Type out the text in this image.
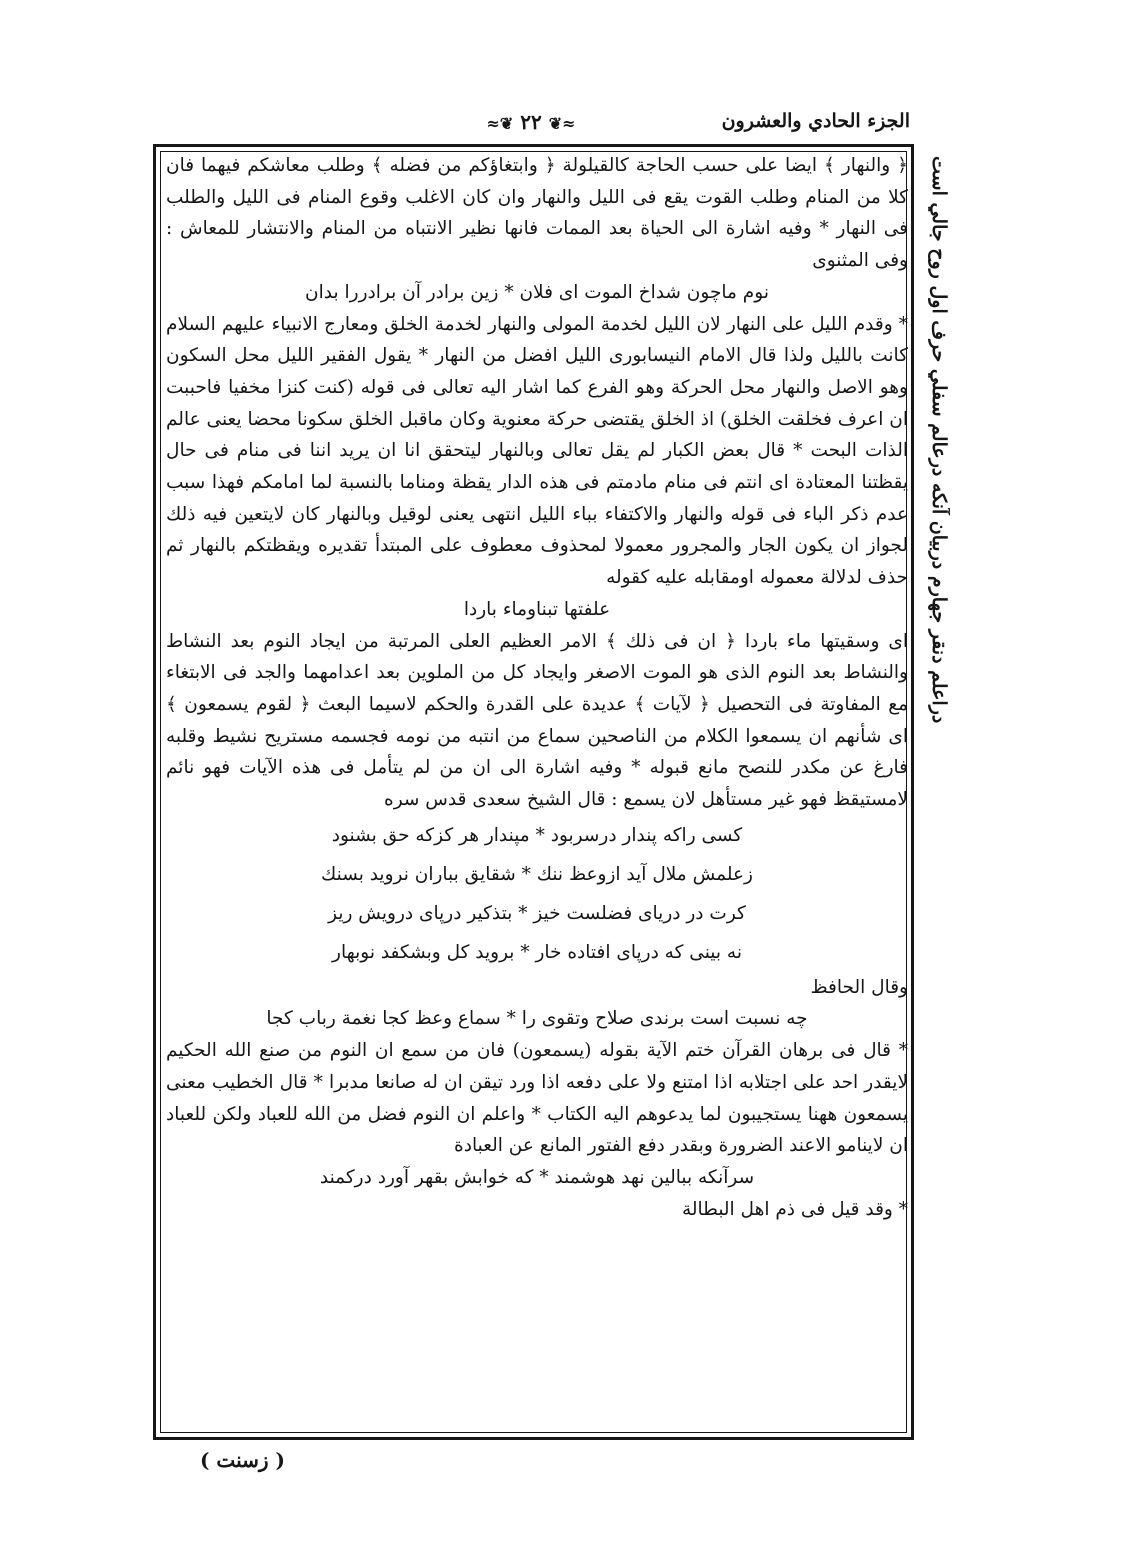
الجزء الحادي والعشرون
≈❦ ٢٢ ❦≈

﴿ والنهار ﴾ ايضا على حسب الحاجة كالقيلولة ﴿ وابتغاؤكم من فضله ﴾ وطلب معاشكم فيهما فان كلا من المنام وطلب القوت يقع فى الليل والنهار وان كان الاغلب وقوع المنام فى الليل والطلب فى النهار * وفيه اشارة الى الحياة بعد الممات فانها نظير الانتباه من المنام والانتشار للمعاش : وفى المثنوى

نوم ماچون شداخ الموت اى فلان * زين برادر آن برادررا بدان

* وقدم الليل على النهار لان الليل لخدمة المولى والنهار لخدمة الخلق ومعارج الانبياء عليهم السلام كانت بالليل ولذا قال الامام النيسابورى الليل افضل من النهار * يقول الفقير الليل محل السكون وهو الاصل والنهار محل الحركة وهو الفرع كما اشار اليه تعالى فى قوله (كنت كنزا مخفيا فاحببت ان اعرف فخلقت الخلق) اذ الخلق يقتضى حركة معنوية وكان ماقبل الخلق سكونا محضا يعنى عالم الذات البحت * قال بعض الكبار لم يقل تعالى وبالنهار ليتحقق انا ان يريد اننا فى منام فى حال يقظتنا المعتادة اى انتم فى منام مادمتم فى هذه الدار يقظة ومناما بالنسبة لما امامكم فهذا سبب عدم ذكر الباء فى قوله والنهار والاكتفاء بباء الليل انتهى يعنى لوقيل وبالنهار كان لايتعين فيه ذلك لجواز ان يكون الجار والمجرور معمولا لمحذوف معطوف على المبتدأ تقديره ويقظتكم بالنهار ثم حذف لدلالة معموله اومقابله عليه كقوله

علفتها تبناوماء باردا

اى وسقيتها ماء باردا ﴿ ان فى ذلك ﴾ الامر العظيم العلى المرتبة من ايجاد النوم بعد النشاط والنشاط بعد النوم الذى هو الموت الاصغر وايجاد كل من الملوين بعد اعدامهما والجد فى الابتغاء مع المفاوتة فى التحصيل ﴿ لآيات ﴾ عديدة على القدرة والحكم لاسيما البعث ﴿ لقوم يسمعون ﴾ اى شأنهم ان يسمعوا الكلام من الناصحين سماع من انتبه من نومه فجسمه مستريح نشيط وقلبه فارغ عن مكدر للنصح مانع قبوله * وفيه اشارة الى ان من لم يتأمل فى هذه الآيات فهو نائم لامستيقظ فهو غير مستأهل لان يسمع : قال الشيخ سعدى قدس سره

كسى راكه پندار درسربود * مپندار هر كزكه حق بشنود

زعلمش ملال آيد ازوعظ ننك * شقايق بباران نرويد بسنك

كرت در درياى فضلست خيز * بتذكير درپاى درويش ريز

نه بينى كه درپاى افتاده خار * برويد كل وبشكفد نوبهار

وقال الحافظ

چه نسبت است برندى صلاح وتقوى را * سماع وعظ كجا نغمة رباب كجا

* قال فى برهان القرآن ختم الآية بقوله (يسمعون) فان من سمع ان النوم من صنع الله الحكيم لايقدر احد على اجتلابه اذا امتنع ولا على دفعه اذا ورد تيقن ان له صانعا مدبرا * قال الخطيب معنى يسمعون ههنا يستجيبون لما يدعوهم اليه الكتاب * واعلم ان النوم فضل من الله للعباد ولكن للعباد ان لاينامو الاعند الضرورة وبقدر دفع الفتور المانع عن العبادة

سرآنكه ببالين نهد هوشمند * كه خوابش بقهر آورد دركمند

* وقد قيل فى ذم اهل البطالة

دراعلم دنقر جهارم دربيان آنكه درعالم سفلي حرف اول روح جالي است
( زسنت )
